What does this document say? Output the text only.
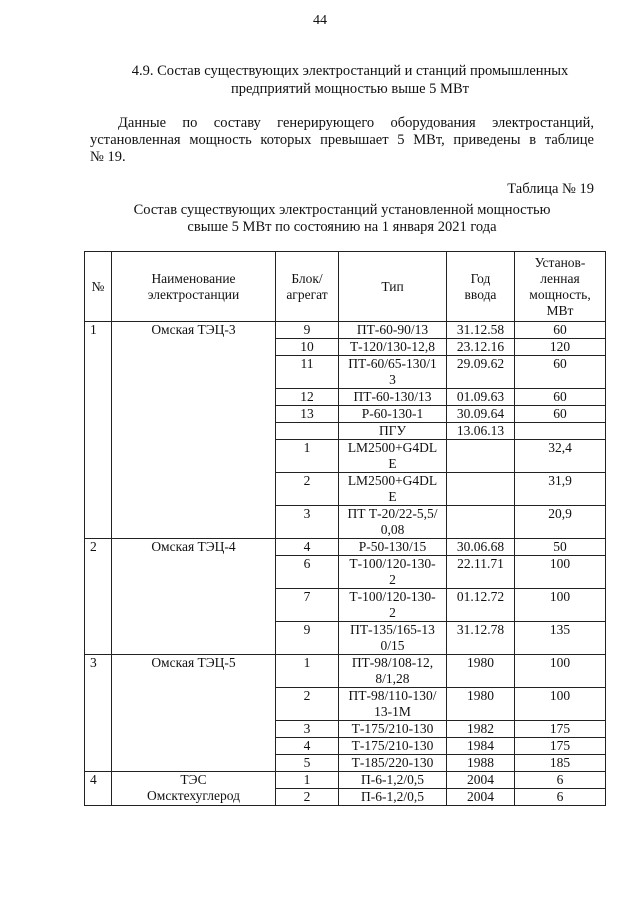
44
4.9. Состав существующих электростанций и станций промышленных
предприятий мощностью выше 5 МВт
Данные по составу генерирующего оборудования электростанций,
установленная мощность которых превышает 5 МВт, приведены в таблице
№ 19.
Таблица № 19
Состав существующих электростанций установленной мощностью
свыше 5 МВт по состоянию на 1 января 2021 года
№	Наименование электростанции	Блок/ агрегат	Тип	Год ввода	Установ- ленная мощность, МВт
1	Омская ТЭЦ-3	9	ПТ-60-90/13	31.12.58	60
		10	Т-120/130-12,8	23.12.16	120
		11	ПТ-60/65-130/13	29.09.62	60
		12	ПТ-60-130/13	01.09.63	60
		13	Р-60-130-1	30.09.64	60
			ПГУ	13.06.13	
		1	LM2500+G4DLE		32,4
		2	LM2500+G4DLE		31,9
		3	ПТ Т-20/22-5,5/0,08		20,9
2	Омская ТЭЦ-4	4	Р-50-130/15	30.06.68	50
		6	Т-100/120-130-2	22.11.71	100
		7	Т-100/120-130-2	01.12.72	100
		9	ПТ-135/165-130/15	31.12.78	135
3	Омская ТЭЦ-5	1	ПТ-98/108-12,8/1,28	1980	100
		2	ПТ-98/110-130/13-1М	1980	100
		3	Т-175/210-130	1982	175
		4	Т-175/210-130	1984	175
		5	Т-185/220-130	1988	185
4	ТЭС Омсктехуглерод	1	П-6-1,2/0,5	2004	6
		2	П-6-1,2/0,5	2004	6
